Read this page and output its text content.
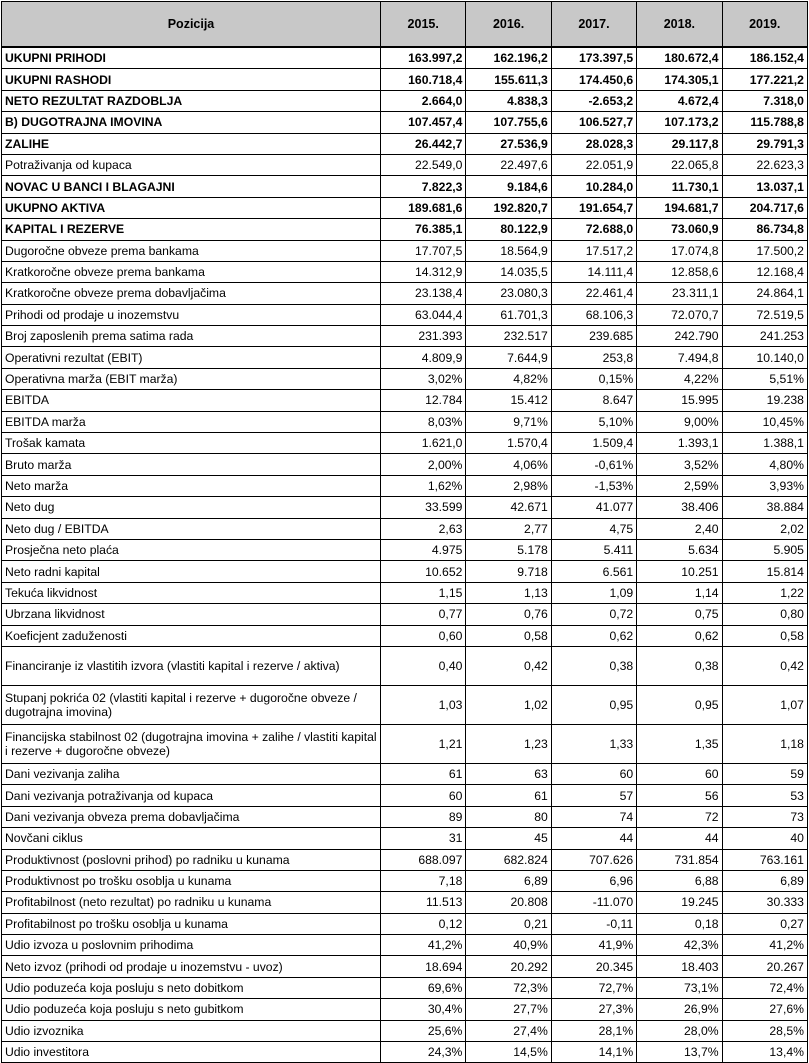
Pozicija	2015.	2016.	2017.	2018.	2019.
UKUPNI PRIHODI	163.997,2	162.196,2	173.397,5	180.672,4	186.152,4
UKUPNI RASHODI	160.718,4	155.611,3	174.450,6	174.305,1	177.221,2
NETO REZULTAT RAZDOBLJA	2.664,0	4.838,3	-2.653,2	4.672,4	7.318,0
B) DUGOTRAJNA IMOVINA	107.457,4	107.755,6	106.527,7	107.173,2	115.788,8
ZALIHE	26.442,7	27.536,9	28.028,3	29.117,8	29.791,3
Potraživanja od kupaca	22.549,0	22.497,6	22.051,9	22.065,8	22.623,3
NOVAC U BANCI I BLAGAJNI	7.822,3	9.184,6	10.284,0	11.730,1	13.037,1
UKUPNO AKTIVA	189.681,6	192.820,7	191.654,7	194.681,7	204.717,6
KAPITAL I REZERVE	76.385,1	80.122,9	72.688,0	73.060,9	86.734,8
Dugoročne obveze prema bankama	17.707,5	18.564,9	17.517,2	17.074,8	17.500,2
Kratkoročne obveze prema bankama	14.312,9	14.035,5	14.111,4	12.858,6	12.168,4
Kratkoročne obveze prema dobavljačima	23.138,4	23.080,3	22.461,4	23.311,1	24.864,1
Prihodi od prodaje u inozemstvu	63.044,4	61.701,3	68.106,3	72.070,7	72.519,5
Broj zaposlenih prema satima rada	231.393	232.517	239.685	242.790	241.253
Operativni rezultat (EBIT)	4.809,9	7.644,9	253,8	7.494,8	10.140,0
Operativna marža (EBIT marža)	3,02%	4,82%	0,15%	4,22%	5,51%
EBITDA	12.784	15.412	8.647	15.995	19.238
EBITDA marža	8,03%	9,71%	5,10%	9,00%	10,45%
Trošak kamata	1.621,0	1.570,4	1.509,4	1.393,1	1.388,1
Bruto marža	2,00%	4,06%	-0,61%	3,52%	4,80%
Neto marža	1,62%	2,98%	-1,53%	2,59%	3,93%
Neto dug	33.599	42.671	41.077	38.406	38.884
Neto dug / EBITDA	2,63	2,77	4,75	2,40	2,02
Prosječna neto plaća	4.975	5.178	5.411	5.634	5.905
Neto radni kapital	10.652	9.718	6.561	10.251	15.814
Tekuća likvidnost	1,15	1,13	1,09	1,14	1,22
Ubrzana likvidnost	0,77	0,76	0,72	0,75	0,80
Koeficjent zaduženosti	0,60	0,58	0,62	0,62	0,58
Financiranje iz vlastitih izvora (vlastiti kapital i rezerve / aktiva)	0,40	0,42	0,38	0,38	0,42
Stupanj pokrića 02 (vlastiti kapital i rezerve + dugoročne obveze / dugotrajna imovina)	1,03	1,02	0,95	0,95	1,07
Financijska stabilnost 02 (dugotrajna imovina + zalihe / vlastiti kapital i rezerve + dugoročne obveze)	1,21	1,23	1,33	1,35	1,18
Dani vezivanja zaliha	61	63	60	60	59
Dani vezivanja potraživanja od kupaca	60	61	57	56	53
Dani vezivanja obveza prema dobavljačima	89	80	74	72	73
Novčani ciklus	31	45	44	44	40
Produktivnost (poslovni prihod) po radniku u kunama	688.097	682.824	707.626	731.854	763.161
Produktivnost po trošku osoblja u kunama	7,18	6,89	6,96	6,88	6,89
Profitabilnost (neto rezultat) po radniku u kunama	11.513	20.808	-11.070	19.245	30.333
Profitabilnost po trošku osoblja u kunama	0,12	0,21	-0,11	0,18	0,27
Udio izvoza u poslovnim prihodima	41,2%	40,9%	41,9%	42,3%	41,2%
Neto izvoz (prihodi od prodaje u inozemstvu - uvoz)	18.694	20.292	20.345	18.403	20.267
Udio poduzeća koja posluju s neto dobitkom	69,6%	72,3%	72,7%	73,1%	72,4%
Udio poduzeća koja posluju s neto gubitkom	30,4%	27,7%	27,3%	26,9%	27,6%
Udio izvoznika	25,6%	27,4%	28,1%	28,0%	28,5%
Udio investitora	24,3%	14,5%	14,1%	13,7%	13,4%
